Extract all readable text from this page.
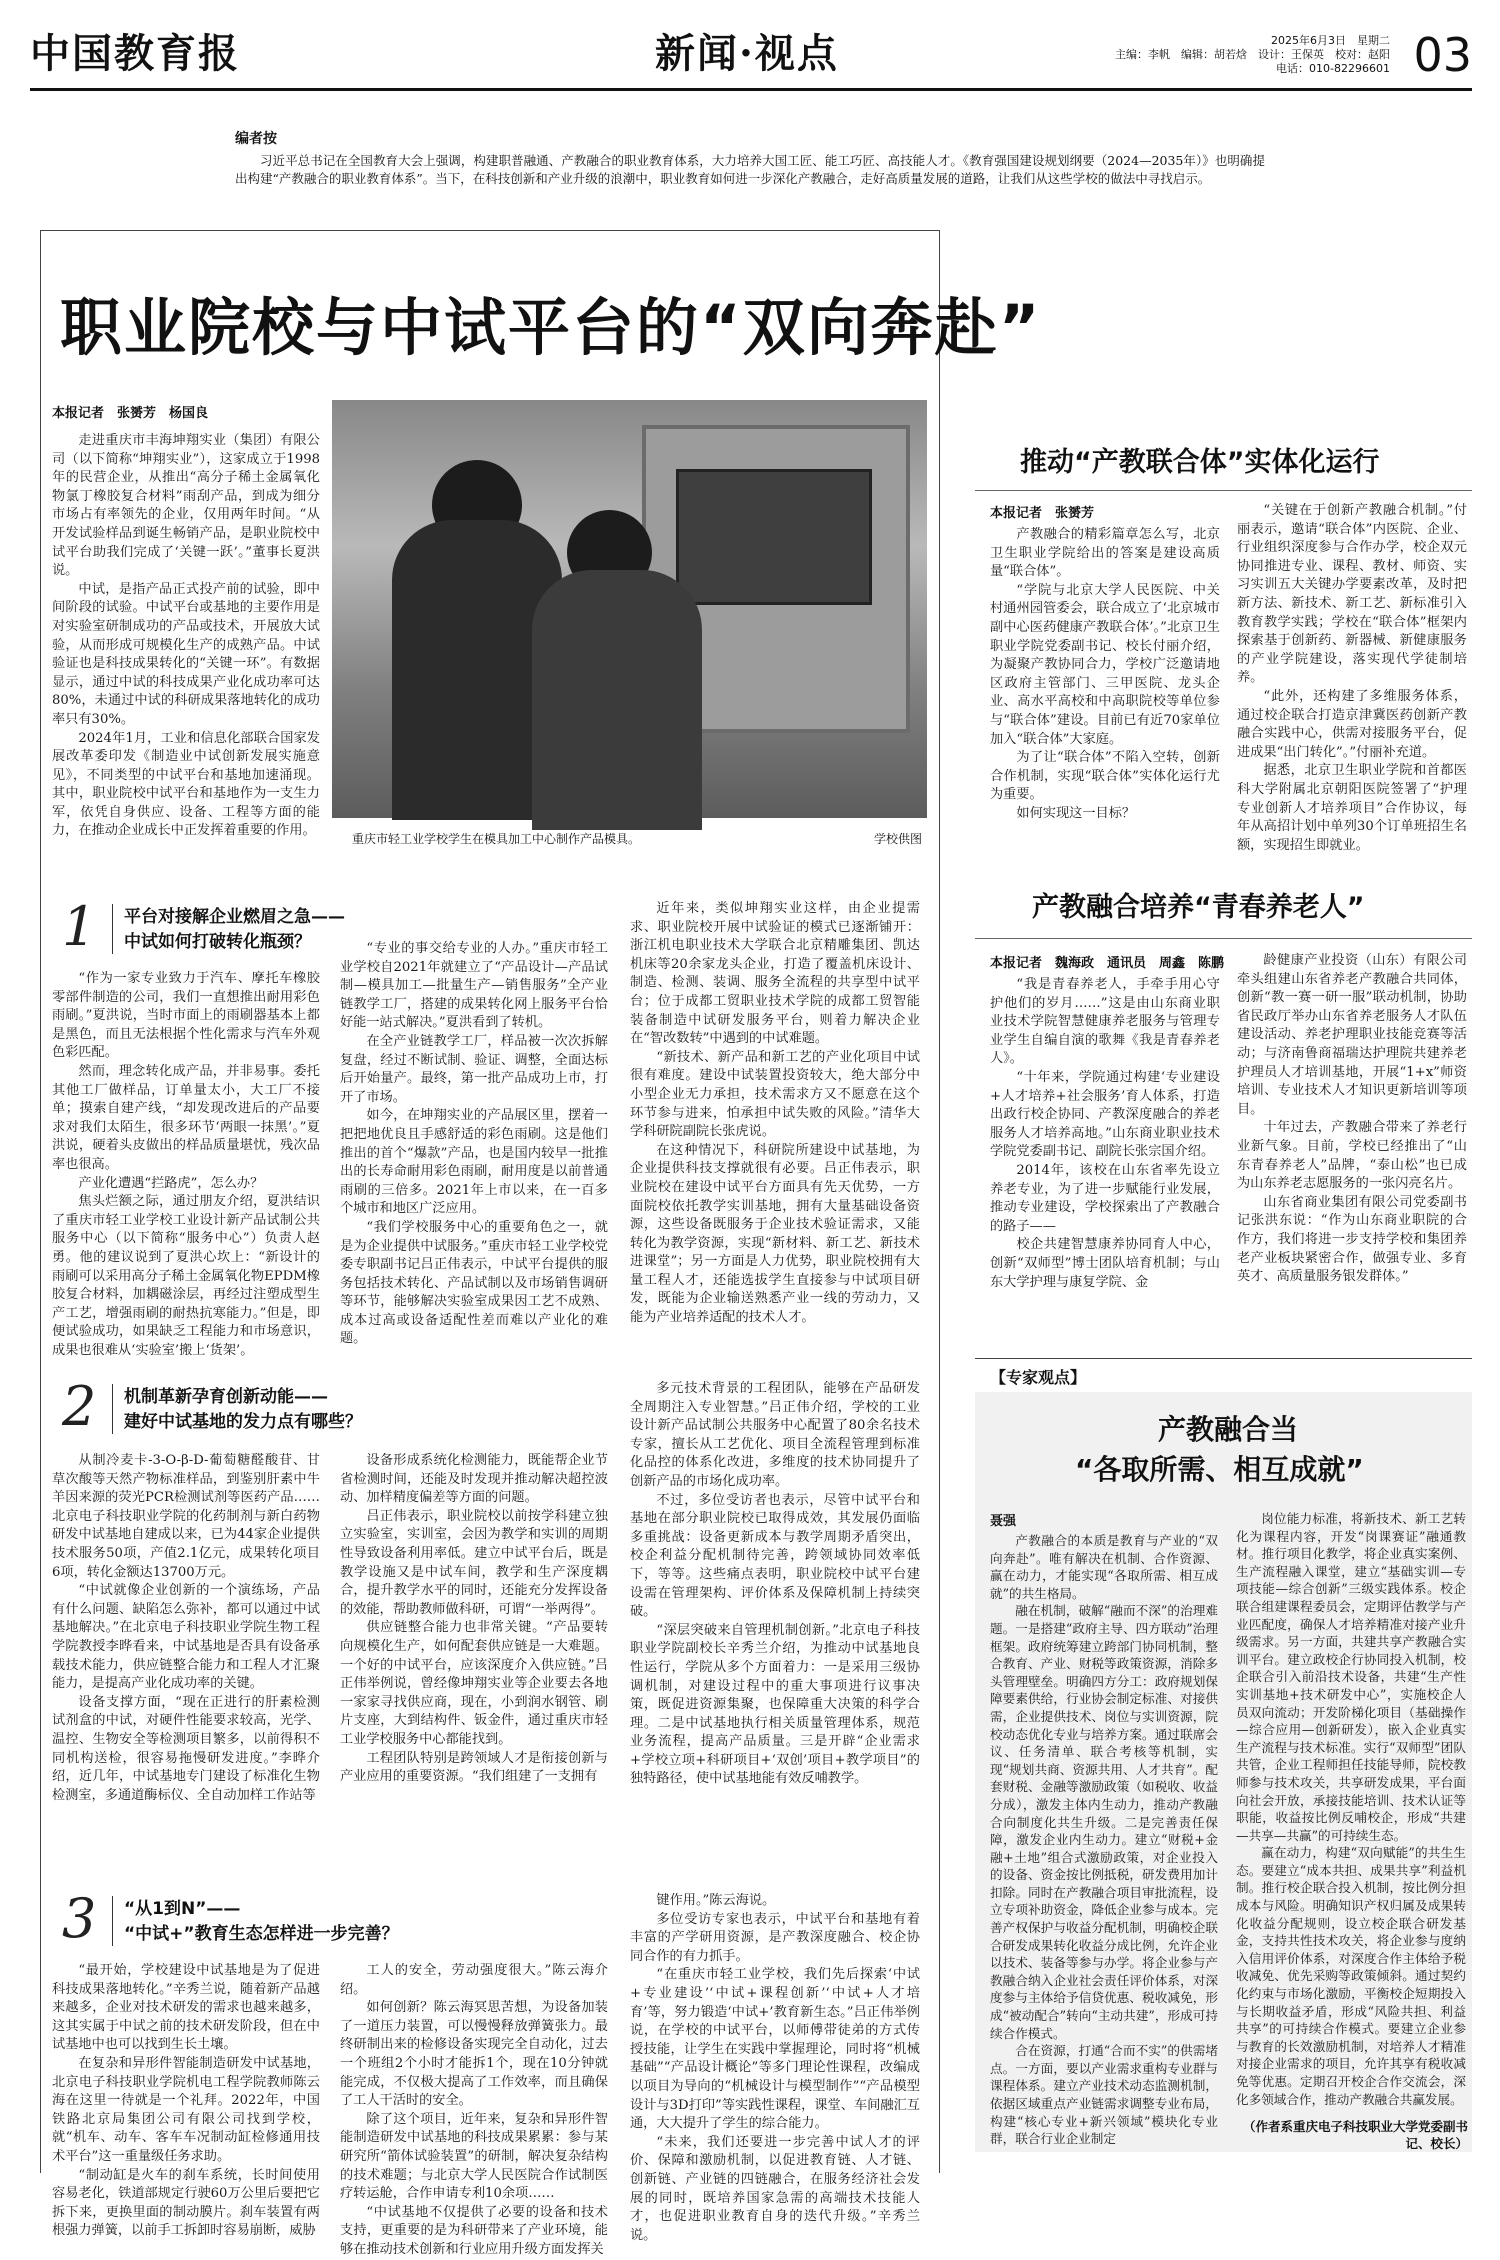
中国教育报	新闻·视点	2025年6月3日　星期二
主编：李帆　编辑：胡若焓　设计：王保英　校对：赵阳
电话：010-82296601 03
编者按

习近平总书记在全国教育大会上强调，构建职普融通、产教融合的职业教育体系，大力培养大国工匠、能工巧匠、高技能人才。《教育强国建设规划纲要（2024—2035年）》也明确提出构建“产教融合的职业教育体系”。当下，在科技创新和产业升级的浪潮中，职业教育如何进一步深化产教融合，走好高质量发展的道路，让我们从这些学校的做法中寻找启示。

职业院校与中试平台的“双向奔赴”
本报记者　张赟芳　杨国良

走进重庆市丰海坤翔实业（集团）有限公司（以下简称“坤翔实业”），这家成立于1998年的民营企业，从推出“高分子稀土金属氧化物氯丁橡胶复合材料”雨刮产品，到成为细分市场占有率领先的企业，仅用两年时间。“从开发试验样品到诞生畅销产品，是职业院校中试平台助我们完成了‘关键一跃’。”董事长夏洪说。

中试，是指产品正式投产前的试验，即中间阶段的试验。中试平台或基地的主要作用是对实验室研制成功的产品或技术，开展放大试验，从而形成可规模化生产的成熟产品。中试验证也是科技成果转化的“关键一环”。有数据显示，通过中试的科技成果产业化成功率可达80%，未通过中试的科研成果落地转化的成功率只有30%。

2024年1月，工业和信息化部联合国家发展改革委印发《制造业中试创新发展实施意见》，不同类型的中试平台和基地加速涌现。其中，职业院校中试平台和基地作为一支生力军，依凭自身供应、设备、工程等方面的能力，在推动企业成长中正发挥着重要的作用。

重庆市轻工业学校学生在模具加工中心制作产品模具。	学校供图
1 平台对接解企业燃眉之急——
中试如何打破转化瓶颈？

“作为一家专业致力于汽车、摩托车橡胶零部件制造的公司，我们一直想推出耐用彩色雨刷。”夏洪说，当时市面上的雨刷器基本上都是黑色，而且无法根据个性化需求与汽车外观色彩匹配。

然而，理念转化成产品，并非易事。委托其他工厂做样品，订单量太小，大工厂不接单；摸索自建产线，“却发现改进后的产品要求对我们太陌生，很多环节‘两眼一抹黑’。”夏洪说，硬着头皮做出的样品质量堪忧，残次品率也很高。

产业化遭遇“拦路虎”，怎么办？

焦头烂额之际，通过朋友介绍，夏洪结识了重庆市轻工业学校工业设计新产品试制公共服务中心（以下简称“服务中心”）负责人赵勇。他的建议说到了夏洪心坎上：“新设计的雨刷可以采用高分子稀土金属氧化物EPDM橡胶复合材料，加耦磁涂层，再经过注塑成型生产工艺，增强雨刷的耐热抗寒能力。”但是，即便试验成功，如果缺乏工程能力和市场意识，成果也很难从‘实验室’搬上‘货架’。

“专业的事交给专业的人办。”重庆市轻工业学校自2021年就建立了“产品设计—产品试制—模具加工—批量生产—销售服务”全产业链教学工厂，搭建的成果转化网上服务平台恰好能一站式解决。”夏洪看到了转机。

在全产业链教学工厂，样品被一次次拆解复盘，经过不断试制、验证、调整，全面达标后开始量产。最终，第一批产品成功上市，打开了市场。

如今，在坤翔实业的产品展区里，摆着一把把地优良且手感舒适的彩色雨刷。这是他们推出的首个“爆款”产品，也是国内较早一批推出的长寿命耐用彩色雨刷，耐用度是以前普通雨刷的三倍多。2021年上市以来，在一百多个城市和地区广泛应用。

“我们学校服务中心的重要角色之一，就是为企业提供中试服务。”重庆市轻工业学校党委专职副书记吕正伟表示，中试平台提供的服务包括技术转化、产品试制以及市场销售调研等环节，能够解决实验室成果因工艺不成熟、成本过高或设备适配性差而难以产业化的难题。

近年来，类似坤翔实业这样，由企业提需求、职业院校开展中试验证的模式已逐渐铺开：浙江机电职业技术大学联合北京精雕集团、凯达机床等20余家龙头企业，打造了覆盖机床设计、制造、检测、装调、服务全流程的共享型中试平台；位于成都工贸职业技术学院的成都工贸智能装备制造中试研发服务平台，则着力解决企业在“智改数转”中遇到的中试难题。

“新技术、新产品和新工艺的产业化项目中试很有难度。建设中试装置投资较大，绝大部分中小型企业无力承担，技术需求方又不愿意在这个环节参与进来，怕承担中试失败的风险。”清华大学科研院副院长张虎说。

在这种情况下，科研院所建设中试基地，为企业提供科技支撑就很有必要。吕正伟表示，职业院校在建设中试平台方面具有先天优势，一方面院校依托教学实训基地，拥有大量基础设备资源，这些设备既服务于企业技术验证需求，又能转化为教学资源，实现“新材料、新工艺、新技术进课堂”；另一方面是人力优势，职业院校拥有大量工程人才，还能选拔学生直接参与中试项目研发，既能为企业输送熟悉产业一线的劳动力，又能为产业培养适配的技术人才。

2 机制革新孕育创新动能——
建好中试基地的发力点有哪些？

从制冷麦卡-3-O-β-D-葡萄糖醛酸苷、甘草次酸等天然产物标准样品，到鉴别肝素中牛羊因来源的荧光PCR检测试剂等医药产品……北京电子科技职业学院的化药制剂与新白药物研发中试基地自建成以来，已为44家企业提供技术服务50项，产值2.1亿元，成果转化项目6项，转化金额达13700万元。

“中试就像企业创新的一个演练场，产品有什么问题、缺陷怎么弥补，都可以通过中试基地解决。”在北京电子科技职业学院生物工程学院教授李晔看来，中试基地是否具有设备承载技术能力，供应链整合能力和工程人才汇聚能力，是提高产业化成功率的关键。

设备支撑方面，“现在正进行的肝素检测试剂盒的中试，对硬件性能要求较高，光学、温控、生物安全等检测项目繁多，以前得积不同机构送检，很容易拖慢研发进度。”李晔介绍，近几年，中试基地专门建设了标准化生物检测室，多通道酶标仪、全自动加样工作站等

设备形成系统化检测能力，既能帮企业节省检测时间，还能及时发现并推动解决超控波动、加样精度偏差等方面的问题。

吕正伟表示，职业院校以前按学科建立独立实验室，实训室，会因为教学和实训的周期性导致设备利用率低。建立中试平台后，既是教学设施又是中试车间，教学和生产深度耦合，提升教学水平的同时，还能充分发挥设备的效能，帮助教师做科研，可谓“一举两得”。

供应链整合能力也非常关键。“产品要转向规模化生产，如何配套供应链是一大难题。一个好的中试平台，应该深度介入供应链。”吕正伟举例说，曾经像坤翔实业等企业要去各地一家家寻找供应商，现在，小到润水钢管、刷片支座，大到结构件、钣金件，通过重庆市轻工业学校服务中心都能找到。

工程团队特别是跨领域人才是衔接创新与产业应用的重要资源。“我们组建了一支拥有

多元技术背景的工程团队，能够在产品研发全周期注入专业智慧。”吕正伟介绍，学校的工业设计新产品试制公共服务中心配置了80余名技术专家，擅长从工艺优化、项目全流程管理到标准化品控的体系化改进，多维度的技术协同提升了创新产品的市场化成功率。

不过，多位受访者也表示，尽管中试平台和基地在部分职业院校已取得成效，其发展仍面临多重挑战：设备更新成本与教学周期矛盾突出，校企利益分配机制待完善，跨领域协同效率低下，等等。这些痛点表明，职业院校中试平台建设需在管理架构、评价体系及保障机制上持续突破。

“深层突破来自管理机制创新。”北京电子科技职业学院副校长辛秀兰介绍，为推动中试基地良性运行，学院从多个方面着力：一是采用三级协调机制，对建设过程中的重大事项进行议事决策，既促进资源集聚，也保障重大决策的科学合理。二是中试基地执行相关质量管理体系，规范业务流程，提高产品质量。三是开辟“企业需求+学校立项+科研项目+‘双创’项目+教学项目”的独特路径，使中试基地能有效反哺教学。

3 “从1到N”——
“中试+”教育生态怎样进一步完善？

“最开始，学校建设中试基地是为了促进科技成果落地转化。”辛秀兰说，随着新产品越来越多，企业对技术研发的需求也越来越多，这其实属于中试之前的技术研发阶段，但在中试基地中也可以找到生长土壤。

在复杂和异形件智能制造研发中试基地，北京电子科技职业学院机电工程学院教师陈云海在这里一待就是一个礼拜。2022年，中国铁路北京局集团公司有限公司找到学校，就“机车、动车、客车车况制动缸检修通用技术平台”这一重量级任务求助。

“制动缸是火车的刹车系统，长时间使用容易老化，铁道部规定行驶60万公里后要把它拆下来，更换里面的制动膜片。刹车装置有两根强力弹簧，以前手工拆卸时容易崩断，威胁

工人的安全，劳动强度很大。”陈云海介绍。

如何创新？陈云海冥思苦想，为设备加装了一道压力装置，可以慢慢释放弹簧张力。最终研制出来的检修设备实现完全自动化，过去一个班组2个小时才能拆1个，现在10分钟就能完成，不仅极大提高了工作效率，而且确保了工人干活时的安全。

除了这个项目，近年来，复杂和异形件智能制造研发中试基地的科技成果累累：参与某研究所“箭体试验装置”的研制，解决复杂结构的技术难题；与北京大学人民医院合作试制医疗转运舱，合作申请专利10余项……

“中试基地不仅提供了必要的设备和技术支持，更重要的是为科研带来了产业环境，能够在推动技术创新和行业应用升级方面发挥关

键作用。”陈云海说。

多位受访专家也表示，中试平台和基地有着丰富的产学研用资源，是产教深度融合、校企协同合作的有力抓手。

“在重庆市轻工业学校，我们先后探索‘中试+专业建设’‘中试+课程创新’‘中试+人才培育’等，努力锻造‘中试+’教育新生态。”吕正伟举例说，在学校的中试平台，以师傅带徒弟的方式传授技能，让学生在实践中掌握理论，同时将“机械基础”“产品设计概论”等多门理论性课程，改编成以项目为导向的“机械设计与模型制作”“产品模型设计与3D打印”等实践性课程，课堂、车间融汇互通，大大提升了学生的综合能力。

“未来，我们还要进一步完善中试人才的评价、保障和激励机制，以促进教育链、人才链、创新链、产业链的四链融合，在服务经济社会发展的同时，既培养国家急需的高端技术技能人才，也促进职业教育自身的迭代升级。”辛秀兰说。

推动“产教联合体”实体化运行
本报记者　张赟芳

产教融合的精彩篇章怎么写，北京卫生职业学院给出的答案是建设高质量“联合体”。

“学院与北京大学人民医院、中关村通州园管委会，联合成立了‘北京城市副中心医药健康产教联合体’。”北京卫生职业学院党委副书记、校长付丽介绍，为凝聚产教协同合力，学校广泛邀请地区政府主管部门、三甲医院、龙头企业、高水平高校和中高职院校等单位参与“联合体”建设。目前已有近70家单位加入“联合体”大家庭。

为了让“联合体”不陷入空转，创新合作机制，实现“联合体”实体化运行尤为重要。

如何实现这一目标？

“关键在于创新产教融合机制。”付丽表示，邀请“联合体”内医院、企业、行业组织深度参与合作办学，校企双元协同推进专业、课程、教材、师资、实习实训五大关键办学要素改革，及时把新方法、新技术、新工艺、新标准引入教育教学实践；学校在“联合体”框架内探索基于创新药、新器械、新健康服务的产业学院建设，落实现代学徒制培养。

“此外，还构建了多维服务体系，通过校企联合打造京津冀医药创新产教融合实践中心，供需对接服务平台，促进成果“出门转化”。”付丽补充道。

据悉，北京卫生职业学院和首都医科大学附属北京朝阳医院签署了“护理专业创新人才培养项目”合作协议，每年从高招计划中单列30个订单班招生名额，实现招生即就业。

产教融合培养“青春养老人”
本报记者　魏海政　通讯员　周鑫　陈鹏

“我是青春养老人，手牵手用心守护他们的岁月……”这是由山东商业职业技术学院智慧健康养老服务与管理专业学生自编自演的歌舞《我是青春养老人》。

“十年来，学院通过构建‘专业建设+人才培养+社会服务’育人体系，打造出政行校企协同、产教深度融合的养老服务人才培养高地。”山东商业职业技术学院党委副书记、副院长张宗国介绍。

2014年，该校在山东省率先设立养老专业，为了进一步赋能行业发展，推动专业建设，学校探索出了产教融合的路子——

校企共建智慧康养协同育人中心，创新“双师型”博士团队培育机制；与山东大学护理与康复学院、金

龄健康产业投资（山东）有限公司牵头组建山东省养老产教融合共同体，创新“教一赛一研一服”联动机制，协助省民政厅举办山东省养老服务人才队伍建设活动、养老护理职业技能竞赛等活动；与济南鲁商福瑞达护理院共建养老护理员人才培训基地，开展“1+x”师资培训、专业技术人才知识更新培训等项目。

十年过去，产教融合带来了养老行业新气象。目前，学校已经推出了“山东青春养老人”品牌，“泰山松”也已成为山东养老志愿服务的一张闪亮名片。

山东省商业集团有限公司党委副书记张洪东说：“作为山东商业职院的合作方，我们将进一步支持学校和集团养老产业板块紧密合作，做强专业、多育英才、高质量服务银发群体。”

【专家观点】
产教融合当
“各取所需、相互成就”
聂强

产教融合的本质是教育与产业的“双向奔赴”。唯有解决在机制、合作资源、赢在动力，才能实现“各取所需、相互成就”的共生格局。

融在机制，破解“融而不深”的治理难题。一是搭建“政府主导、四方联动”治理框架。政府统筹建立跨部门协同机制，整合教育、产业、财税等政策资源，消除多头管理壁垒。明确四方分工：政府规划保障要素供给，行业协会制定标准、对接供需，企业提供技术、岗位与实训资源，院校动态优化专业与培养方案。通过联席会议、任务清单、联合考核等机制，实现“规划共商、资源共用、人才共育”。配套财税、金融等激励政策（如税收、收益分成），激发主体内生动力，推动产教融合向制度化共生升级。二是完善责任保障，激发企业内生动力。建立“财税+金融+土地”组合式激励政策，对企业投入的设备、资金按比例抵税，研发费用加计扣除。同时在产教融合项目审批流程，设立专项补助资金，降低企业参与成本。完善产权保护与收益分配机制，明确校企联合研发成果转化收益分成比例，允许企业以技术、装备等参与办学。将企业参与产教融合纳入企业社会责任评价体系，对深度参与主体给予信贷优惠、税收减免，形成“被动配合”转向“主动共建”，形成可持续合作模式。

合在资源，打通“合而不实”的供需堵点。一方面，要以产业需求重构专业群与课程体系。建立产业技术动态监测机制，依据区域重点产业链需求调整专业布局，构建“核心专业+新兴领域”模块化专业群，联合行业企业制定

岗位能力标准，将新技术、新工艺转化为课程内容，开发“岗课赛证”融通教材。推行项目化教学，将企业真实案例、生产流程融入课堂，建立“基础实训—专项技能—综合创新”三级实践体系。校企联合组建课程委员会，定期评估教学与产业匹配度，确保人才培养精准对接产业升级需求。另一方面，共建共享产教融合实训平台。建立政校企行协同投入机制，校企联合引入前沿技术设备，共建“生产性实训基地+技术研发中心”，实施校企人员双向流动；开发阶梯化项目（基础操作—综合应用—创新研发），嵌入企业真实生产流程与技术标准。实行“双师型”团队共管，企业工程师担任技能导师，院校教师参与技术攻关，共享研发成果，平台面向社会开放，承接技能培训、技术认证等职能，收益按比例反哺校企，形成“共建—共享—共赢”的可持续生态。

赢在动力，构建“双向赋能”的共生生态。要建立“成本共担、成果共享”利益机制。推行校企联合投入机制，按比例分担成本与风险。明确知识产权归属及成果转化收益分配规则，设立校企联合研发基金，支持共性技术攻关，将企业参与度纳入信用评价体系，对深度合作主体给予税收减免、优先采购等政策倾斜。通过契约化约束与市场化激励，平衡校企短期投入与长期收益矛盾，形成“风险共担、利益共享”的可持续合作模式。要建立企业参与教育的长效激励机制，对培养人才精准对接企业需求的项目，允许其享有税收减免等优惠。定期召开校企合作交流会，深化多领域合作，推动产教融合共赢发展。

（作者系重庆电子科技职业大学党委副书记、校长）
